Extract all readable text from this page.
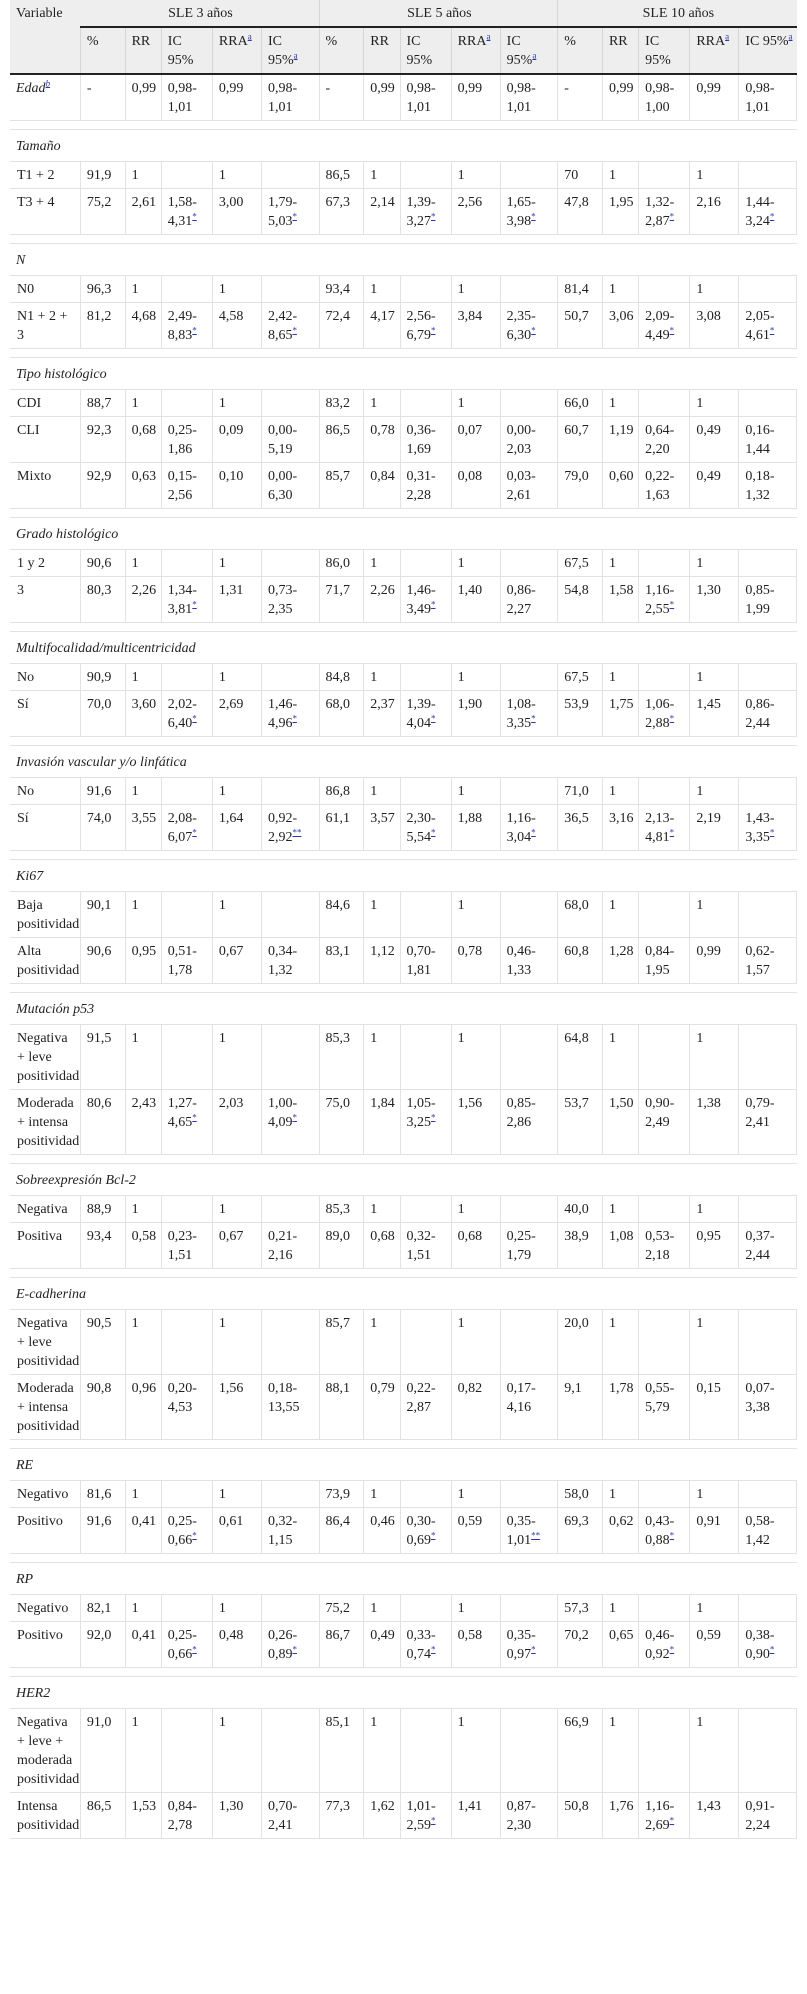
Variable	SLE 3 años					SLE 5 años					SLE 10 años				
	%	RR	IC 95%	RRA$^a$	IC 95%$^a$	%	RR	IC 95%	RRA$^a$	IC 95%$^a$	%	RR	IC 95%	RRA$^a$	IC 95%$^a$
Edad$^b$	-	0,99	0,98-1,01	0,99	0,98-1,01	-	0,99	0,98-1,01	0,99	0,98-1,01	-	0,99	0,98-1,00	0,99	0,98-1,01

Tamaño															
T1 + 2	91,9	1		1		86,5	1		1		70	1		1	
T3 + 4	75,2	2,61	1,58-4,31*	3,00	1,79-5,03*	67,3	2,14	1,39-3,27*	2,56	1,65-3,98*	47,8	1,95	1,32-2,87*	2,16	1,44-3,24*

N															
N0	96,3	1		1		93,4	1		1		81,4	1		1	
N1 + 2 + 3	81,2	4,68	2,49-8,83*	4,58	2,42-8,65*	72,4	4,17	2,56-6,79*	3,84	2,35-6,30*	50,7	3,06	2,09-4,49*	3,08	2,05-4,61*

Tipo histológico															
CDI	88,7	1		1		83,2	1		1		66,0	1		1	
CLI	92,3	0,68	0,25-1,86	0,09	0,00-5,19	86,5	0,78	0,36-1,69	0,07	0,00-2,03	60,7	1,19	0,64-2,20	0,49	0,16-1,44
Mixto	92,9	0,63	0,15-2,56	0,10	0,00-6,30	85,7	0,84	0,31-2,28	0,08	0,03-2,61	79,0	0,60	0,22-1,63	0,49	0,18-1,32

Grado histológico															
1 y 2	90,6	1		1		86,0	1		1		67,5	1		1	
3	80,3	2,26	1,34-3,81*	1,31	0,73-2,35	71,7	2,26	1,46-3,49*	1,40	0,86-2,27	54,8	1,58	1,16-2,55*	1,30	0,85-1,99

Multifocalidad/multicentricidad															
No	90,9	1		1		84,8	1		1		67,5	1		1	
Sí	70,0	3,60	2,02-6,40*	2,69	1,46-4,96*	68,0	2,37	1,39-4,04*	1,90	1,08-3,35*	53,9	1,75	1,06-2,88*	1,45	0,86-2,44

Invasión vascular y/o linfática															
No	91,6	1		1		86,8	1		1		71,0	1		1	
Sí	74,0	3,55	2,08-6,07*	1,64	0,92-2,92**	61,1	3,57	2,30-5,54*	1,88	1,16-3,04*	36,5	3,16	2,13-4,81*	2,19	1,43-3,35*

Ki67															
Baja positividad	90,1	1		1		84,6	1		1		68,0	1		1	
Alta positividad	90,6	0,95	0,51-1,78	0,67	0,34-1,32	83,1	1,12	0,70-1,81	0,78	0,46-1,33	60,8	1,28	0,84-1,95	0,99	0,62-1,57

Mutación p53															
Negativa + leve positividad	91,5	1		1		85,3	1		1		64,8	1		1	
Moderada + intensa positividad	80,6	2,43	1,27-4,65*	2,03	1,00-4,09*	75,0	1,84	1,05-3,25*	1,56	0,85-2,86	53,7	1,50	0,90-2,49	1,38	0,79-2,41

Sobreexpresión Bcl-2															
Negativa	88,9	1		1		85,3	1		1		40,0	1		1	
Positiva	93,4	0,58	0,23-1,51	0,67	0,21-2,16	89,0	0,68	0,32-1,51	0,68	0,25-1,79	38,9	1,08	0,53-2,18	0,95	0,37-2,44

E-cadherina															
Negativa + leve positividad	90,5	1		1		85,7	1		1		20,0	1		1	
Moderada + intensa positividad	90,8	0,96	0,20-4,53	1,56	0,18-13,55	88,1	0,79	0,22-2,87	0,82	0,17-4,16	9,1	1,78	0,55-5,79	0,15	0,07-3,38

RE															
Negativo	81,6	1		1		73,9	1		1		58,0	1		1	
Positivo	91,6	0,41	0,25-0,66*	0,61	0,32-1,15	86,4	0,46	0,30-0,69*	0,59	0,35-1,01**	69,3	0,62	0,43-0,88*	0,91	0,58-1,42

RP															
Negativo	82,1	1		1		75,2	1		1		57,3	1		1	
Positivo	92,0	0,41	0,25-0,66*	0,48	0,26-0,89*	86,7	0,49	0,33-0,74*	0,58	0,35-0,97*	70,2	0,65	0,46-0,92*	0,59	0,38-0,90*

HER2															
Negativa + leve + moderada positividad	91,0	1		1		85,1	1		1		66,9	1		1	
Intensa positividad	86,5	1,53	0,84-2,78	1,30	0,70-2,41	77,3	1,62	1,01-2,59*	1,41	0,87-2,30	50,8	1,76	1,16-2,69*	1,43	0,91-2,24
